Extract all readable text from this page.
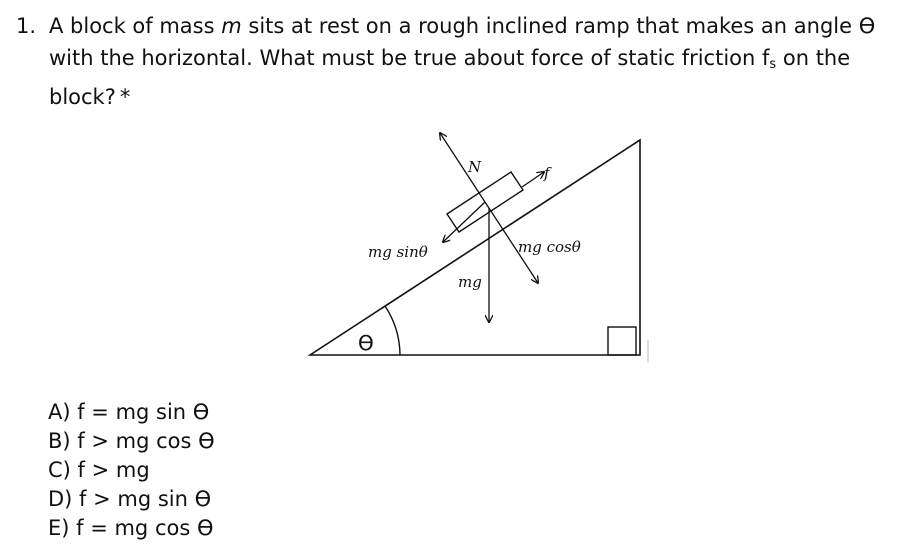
1. A block of mass m sits at rest on a rough inclined ramp that makes an angle ϴ with the horizontal. What must be true about force of static friction $f_s$ on the block? *
ϴ
N	f
mg sinθ	mg cosθ
mg
A) f = mg sin ϴ
B) f > mg cos ϴ
C) f > mg
D) f > mg sin ϴ
E) f = mg cos ϴ
